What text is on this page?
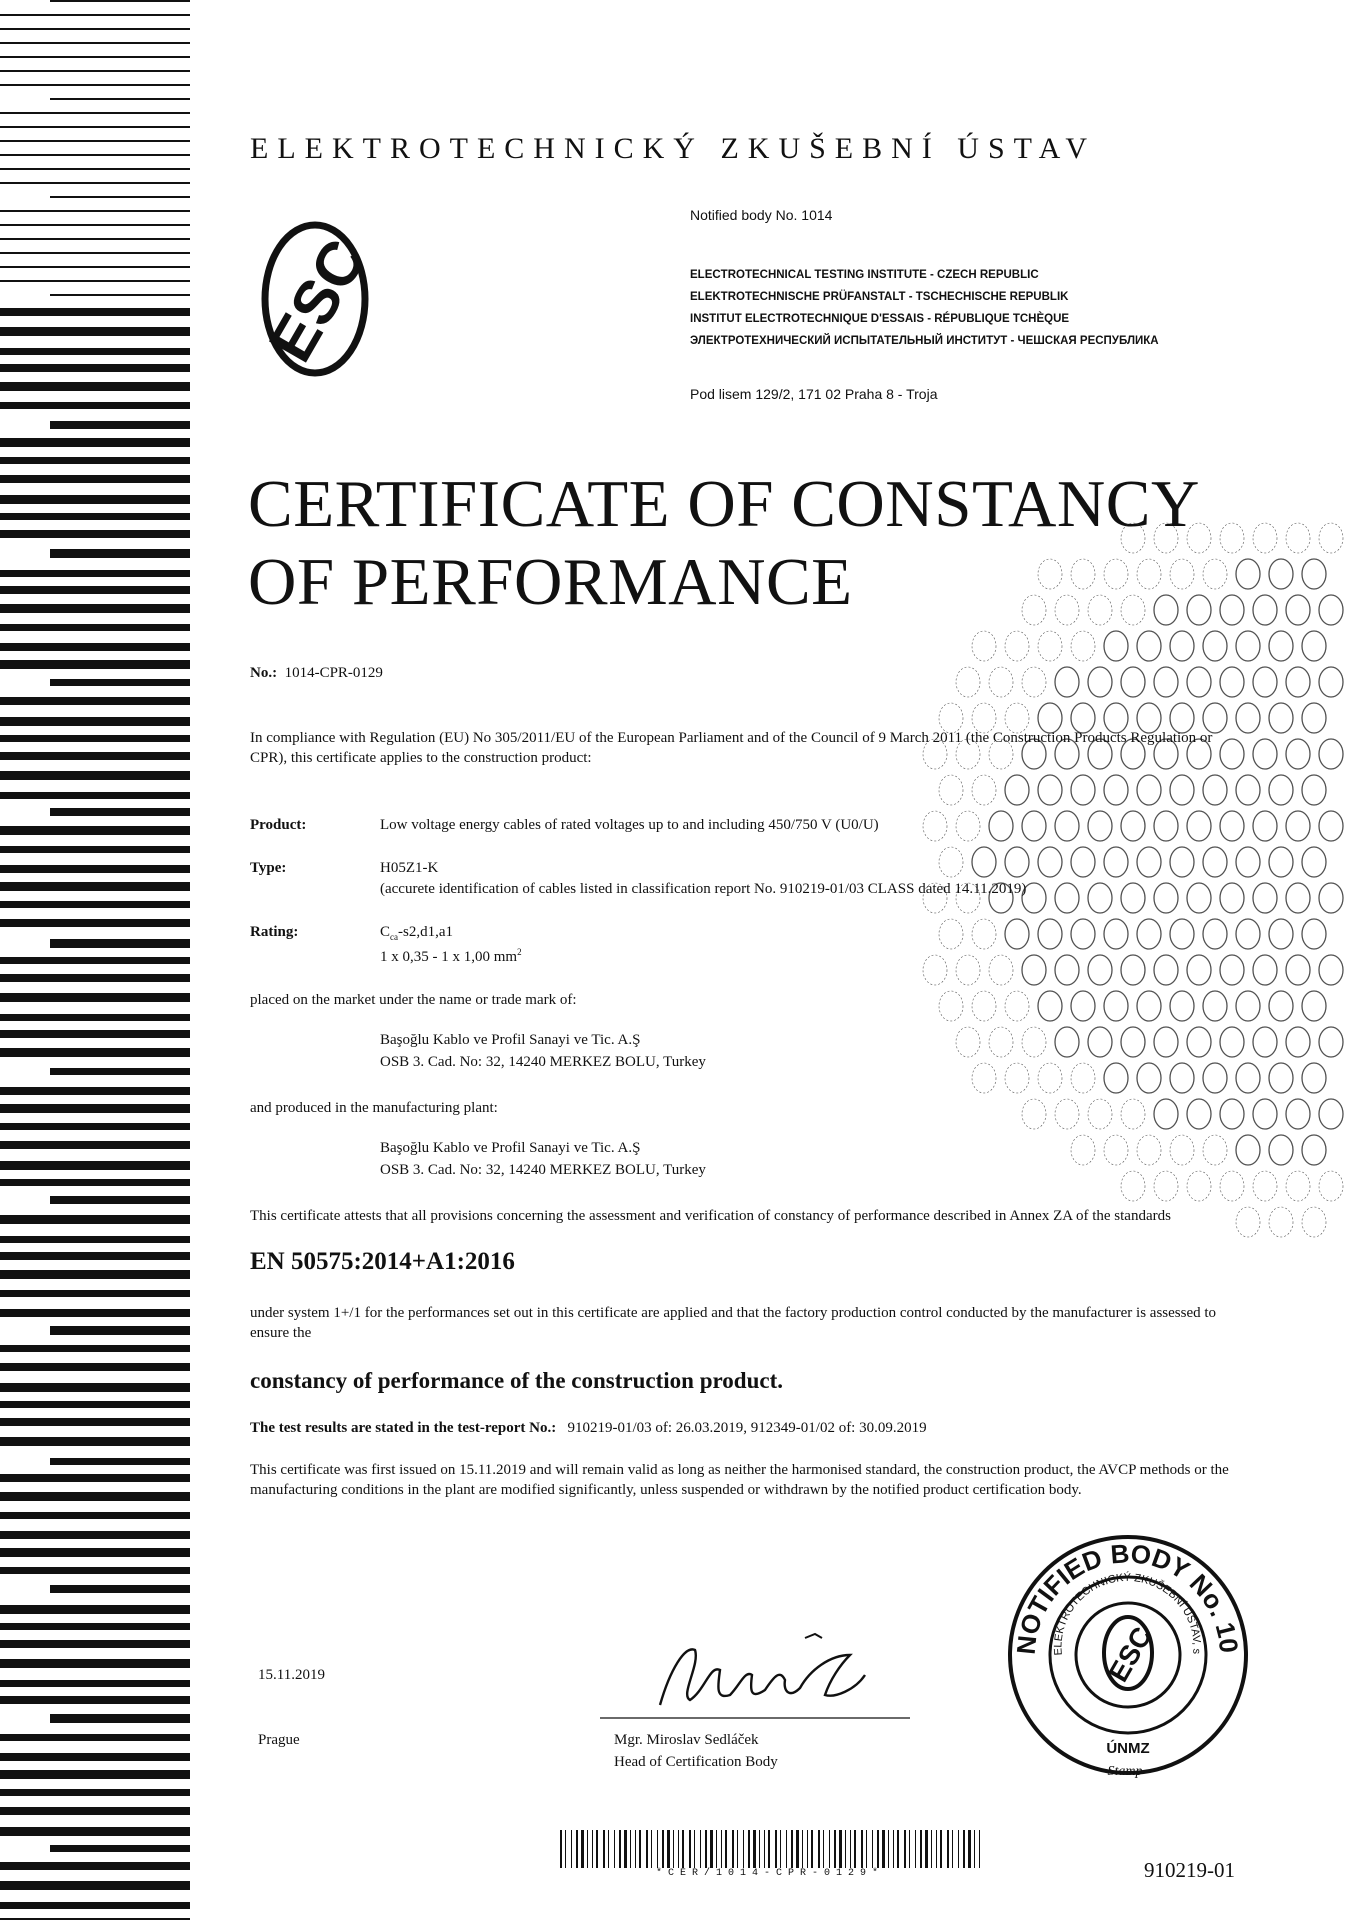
ESC
ELEKTROTECHNICKÝ ZKUŠEBNÍ ÚSTAV
Notified body No. 1014
ELECTROTECHNICAL TESTING INSTITUTE - CZECH REPUBLIC
ELEKTROTECHNISCHE PRÜFANSTALT - TSCHECHISCHE REPUBLIK
INSTITUT ELECTROTECHNIQUE D'ESSAIS - RÉPUBLIQUE TCHÈQUE
ЭЛЕКТРОТЕХНИЧЕСКИЙ ИСПЫТАТЕЛЬНЫЙ ИНСТИТУТ - ЧЕШСКАЯ РЕСПУБЛИКА
Pod lisem 129/2, 171 02 Praha 8 - Troja
CERTIFICATE OF CONSTANCY
OF PERFORMANCE
No.: 1014-CPR-0129
In compliance with Regulation (EU) No 305/2011/EU of the European Parliament and of the Council of 9 March 2011 (the Construction Products Regulation or CPR), this certificate applies to the construction product:
Product:	Low voltage energy cables of rated voltages up to and including 450/750 V (U0/U)
Type:	H05Z1-K
(accurete identification of cables listed in classification report No. 910219-01/03 CLASS dated 14.11.2019)
Rating:	$C_{ca}-s2,d1,a1$
1 x 0,35 - 1 x 1,00 $mm^2$
placed on the market under the name or trade mark of:
Başoğlu Kablo ve Profil Sanayi ve Tic. A.Ş
OSB 3. Cad. No: 32, 14240 MERKEZ BOLU, Turkey
and produced in the manufacturing plant:
Başoğlu Kablo ve Profil Sanayi ve Tic. A.Ş
OSB 3. Cad. No: 32, 14240 MERKEZ BOLU, Turkey
This certificate attests that all provisions concerning the assessment and verification of constancy of performance described in Annex ZA of the standards
EN 50575:2014+A1:2016
under system 1+/1 for the performances set out in this certificate are applied and that the factory production control conducted by the manufacturer is assessed to ensure the
constancy of performance of the construction product.
The test results are stated in the test-report No.: 910219-01/03 of: 26.03.2019, 912349-01/02 of: 30.09.2019
This certificate was first issued on 15.11.2019 and will remain valid as long as neither the harmonised standard, the construction product, the AVCP methods or the manufacturing conditions in the plant are modified significantly, unless suspended or withdrawn by the notified product certification body.
15.11.2019
Prague	Mgr. Miroslav Sedláček
Head of Certification Body
NOTIFIED BODY No. 10
ELEKTROTECHNICKÝ ZKUŠEBNÍ ÚSTAV, s
ESC
ÚNMZ
Stamp
*CER/1014-CPR-0129*	910219-01
